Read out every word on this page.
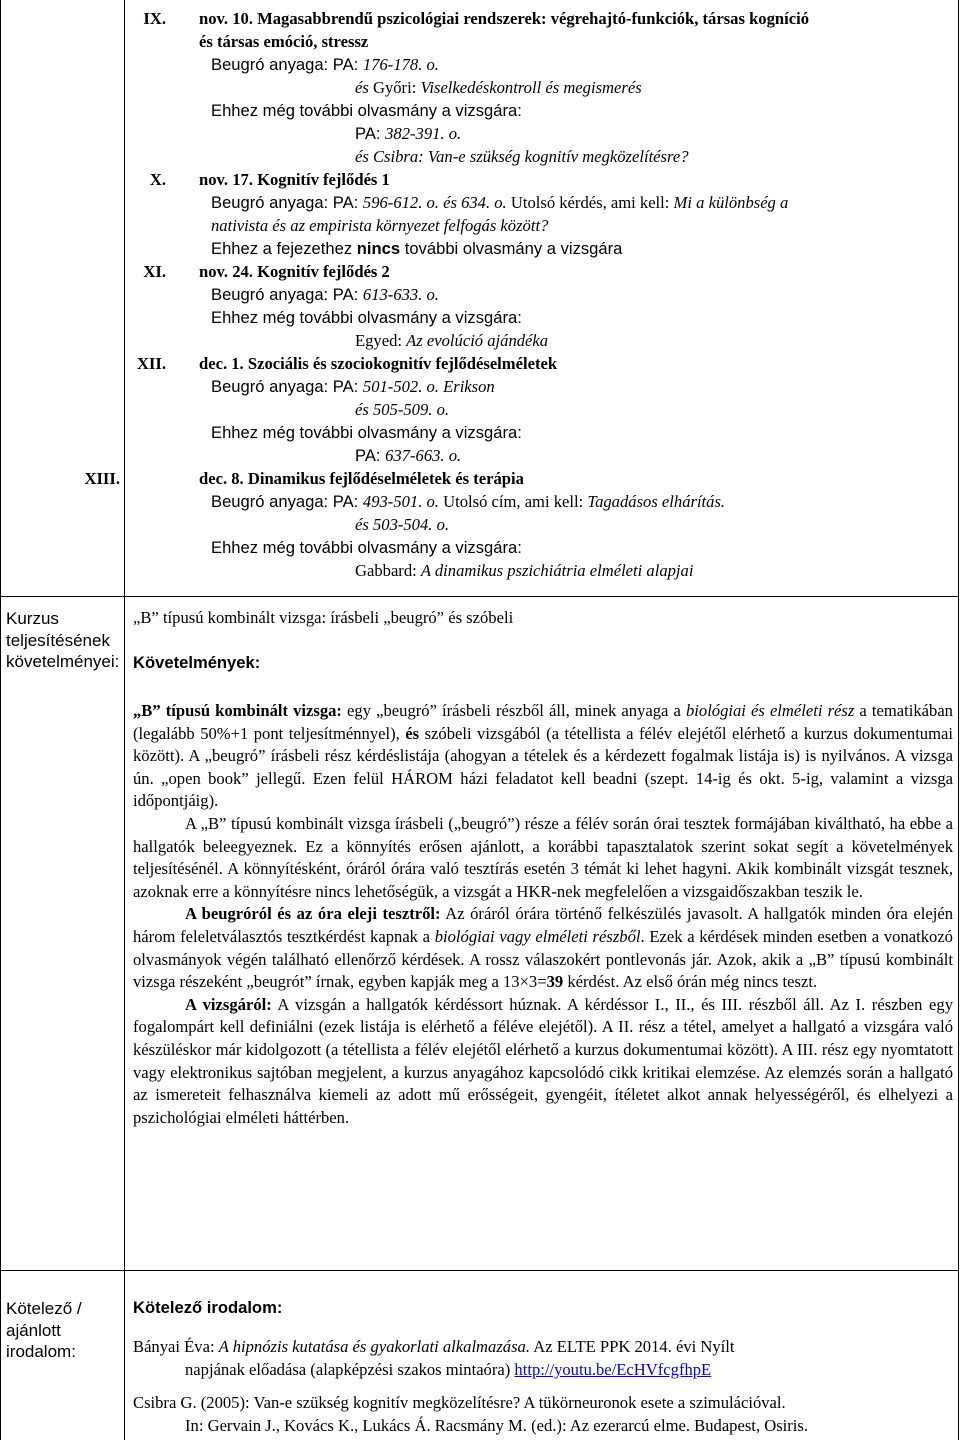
IX. nov. 10. Magasabbrendű pszicológiai rendszerek: végrehajtó-funkciók, társas kogníció
és társas emóció, stressz
Beugró anyaga: PA: 176-178. o.
és Győri: Viselkedéskontroll és megismerés
Ehhez még további olvasmány a vizsgára:
PA: 382-391. o.
és Csibra: Van-e szükség kognitív megközelítésre?
X. nov. 17. Kognitív fejlődés 1
Beugró anyaga: PA: 596-612. o. és 634. o. Utolsó kérdés, ami kell: Mi a különbség a
nativista és az empirista környezet felfogás között?
Ehhez a fejezethez nincs további olvasmány a vizsgára
XI. nov. 24. Kognitív fejlődés 2
Beugró anyaga: PA: 613-633. o.
Ehhez még további olvasmány a vizsgára:
Egyed: Az evolúció ajándéka
XII. dec. 1. Szociális és szociokognitív fejlődéselméletek
Beugró anyaga: PA: 501-502. o. Erikson
és 505-509. o.
Ehhez még további olvasmány a vizsgára:
PA: 637-663. o.
XIII.	dec. 8. Dinamikus fejlődéselméletek és terápia
Beugró anyaga: PA: 493-501. o. Utolsó cím, ami kell: Tagadásos elhárítás.
és 503-504. o.
Ehhez még további olvasmány a vizsgára:
Gabbard: A dinamikus pszichiátria elméleti alapjai
Kurzus teljesítésének követelményei:
„B” típusú kombinált vizsga: írásbeli „beugró” és szóbeli
Követelmények:

„B” típusú kombinált vizsga: egy „beugró” írásbeli részből áll, minek anyaga a biológiai és elméleti rész a tematikában (legalább 50%+1 pont teljesítménnyel), és szóbeli vizsgából (a tétellista a félév elejétől elérhető a kurzus dokumentumai között). A „beugró” írásbeli rész kérdéslistája (ahogyan a tételek és a kérdezett fogalmak listája is) is nyilvános. A vizsga ún. „open book” jellegű. Ezen felül HÁROM házi feladatot kell beadni (szept. 14-ig és okt. 5-ig, valamint a vizsga időpontjáig).

A „B” típusú kombinált vizsga írásbeli („beugró”) része a félév során órai tesztek formájában kiváltható, ha ebbe a hallgatók beleegyeznek. Ez a könnyítés erősen ajánlott, a korábbi tapasztalatok szerint sokat segít a követelmények teljesítésénél. A könnyítésként, óráról órára való tesztírás esetén 3 témát ki lehet hagyni. Akik kombinált vizsgát tesznek, azoknak erre a könnyítésre nincs lehetőségük, a vizsgát a HKR-nek megfelelően a vizsgaidőszakban teszik le.

A beugróról és az óra eleji tesztről: Az óráról órára történő felkészülés javasolt. A hallgatók minden óra elején három feleletválasztós tesztkérdést kapnak a biológiai vagy elméleti részből. Ezek a kérdések minden esetben a vonatkozó olvasmányok végén található ellenőrző kérdések. A rossz válaszokért pontlevonás jár. Azok, akik a „B” típusú kombinált vizsga részeként „beugrót” írnak, egyben kapják meg a 13×3=39 kérdést. Az első órán még nincs teszt.

A vizsgáról: A vizsgán a hallgatók kérdéssort húznak. A kérdéssor I., II., és III. részből áll. Az I. részben egy fogalompárt kell definiálni (ezek listája is elérhető a féléve elejétől). A II. rész a tétel, amelyet a hallgató a vizsgára való készüléskor már kidolgozott (a tétellista a félév elejétől elérhető a kurzus dokumentumai között). A III. rész egy nyomtatott vagy elektronikus sajtóban megjelent, a kurzus anyagához kapcsolódó cikk kritikai elemzése. Az elemzés során a hallgató az ismereteit felhasználva kiemeli az adott mű erősségeit, gyengéit, ítéletet alkot annak helyességéről, és elhelyezi a pszichológiai elméleti háttérben.

Kötelező / ajánlott irodalom:
Kötelező irodalom:
Bányai Éva: A hipnózis kutatása és gyakorlati alkalmazása. Az ELTE PPK 2014. évi Nyílt
napjának előadása (alapképzési szakos mintaóra) http://youtu.be/EcHVfcgfhpE
Csibra G. (2005): Van-e szükség kognitív megközelítésre? A tükörneuronok esete a szimulációval.
In: Gervain J., Kovács K., Lukács Á. Racsmány M. (ed.): Az ezerarcú elme. Budapest, Osiris.
